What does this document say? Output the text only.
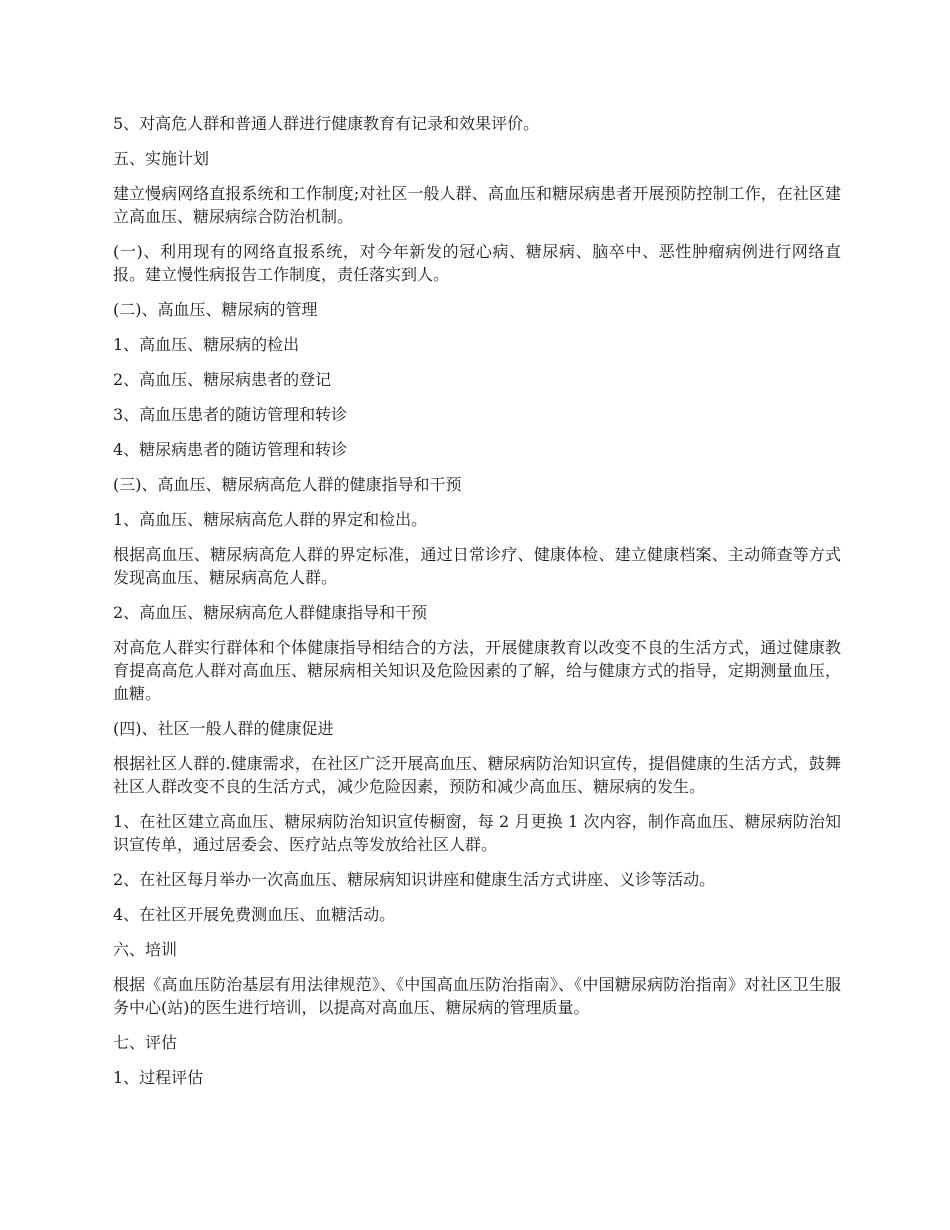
5、对高危人群和普通人群进行健康教育有记录和效果评价。

五、实施计划

建立慢病网络直报系统和工作制度;对社区一般人群、高血压和糖尿病患者开展预防控制工作，在社区建立高血压、糖尿病综合防治机制。

(一)、利用现有的网络直报系统，对今年新发的冠心病、糖尿病、脑卒中、恶性肿瘤病例进行网络直报。建立慢性病报告工作制度，责任落实到人。

(二)、高血压、糖尿病的管理

1、高血压、糖尿病的检出

2、高血压、糖尿病患者的登记

3、高血压患者的随访管理和转诊

4、糖尿病患者的随访管理和转诊

(三)、高血压、糖尿病高危人群的健康指导和干预

1、高血压、糖尿病高危人群的界定和检出。

根据高血压、糖尿病高危人群的界定标准，通过日常诊疗、健康体检、建立健康档案、主动筛查等方式发现高血压、糖尿病高危人群。

2、高血压、糖尿病高危人群健康指导和干预

对高危人群实行群体和个体健康指导相结合的方法，开展健康教育以改变不良的生活方式，通过健康教育提高高危人群对高血压、糖尿病相关知识及危险因素的了解，给与健康方式的指导，定期测量血压，血糖。

(四)、社区一般人群的健康促进

根据社区人群的.健康需求，在社区广泛开展高血压、糖尿病防治知识宣传，提倡健康的生活方式，鼓舞社区人群改变不良的生活方式，减少危险因素，预防和减少高血压、糖尿病的发生。

1、在社区建立高血压、糖尿病防治知识宣传橱窗，每 2 月更换 1 次内容，制作高血压、糖尿病防治知识宣传单，通过居委会、医疗站点等发放给社区人群。

2、在社区每月举办一次高血压、糖尿病知识讲座和健康生活方式讲座、义诊等活动。

4、在社区开展免费测血压、血糖活动。

六、培训

根据《高血压防治基层有用法律规范》、《中国高血压防治指南》、《中国糖尿病防治指南》对社区卫生服务中心(站)的医生进行培训，以提高对高血压、糖尿病的管理质量。

七、评估

1、过程评估
